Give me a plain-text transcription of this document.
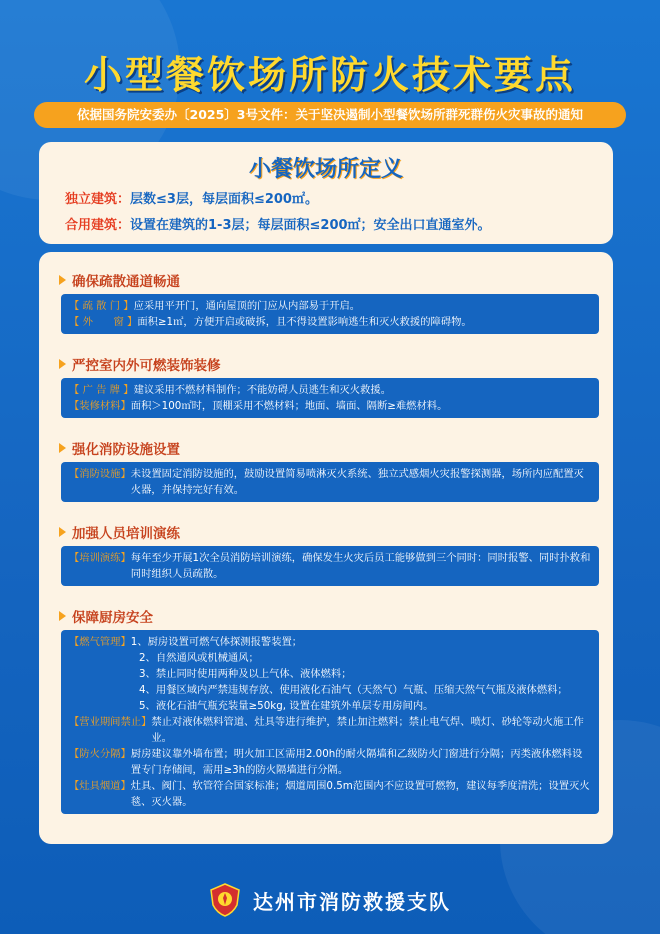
小型餐饮场所防火技术要点
依据国务院安委办〔2025〕3号文件：关于坚决遏制小型餐饮场所群死群伤火灾事故的通知
小餐饮场所定义
独立建筑：层数≤3层，每层面积≤200㎡。
合用建筑：设置在建筑的1-3层；每层面积≤200㎡；安全出口直通室外。
确保疏散通道畅通
【 疏 散 门 】 应采用平开门，通向屋顶的门应从内部易于开启。
【 外　　窗 】 面积≥1㎡，方便开启或破拆，且不得设置影响逃生和灭火救援的障碍物。
严控室内外可燃装饰装修
【 广 告 牌 】 建议采用不燃材料制作；不能妨碍人员逃生和灭火救援。
【装修材料】 面积＞100㎡时，顶棚采用不燃材料；地面、墙面、隔断≥难燃材料。
强化消防设施设置
【消防设施】 未设置固定消防设施的，鼓励设置简易喷淋灭火系统、独立式感烟火灾报警探测器，场所内应配置灭火器，并保持完好有效。
加强人员培训演练
【培训演练】 每年至少开展1次全员消防培训演练，确保发生火灾后员工能够做到三个同时：同时报警、同时扑救和同时组织人员疏散。
保障厨房安全
【燃气管理】 1、厨房设置可燃气体探测报警装置；
2、自然通风或机械通风；
3、禁止同时使用两种及以上气体、液体燃料；
4、用餐区域内严禁违规存放、使用液化石油气（天然气）气瓶、压缩天然气气瓶及液体燃料；
5、液化石油气瓶充装量≥50kg, 设置在建筑外单层专用房间内。
【营业期间禁止】 禁止对液体燃料管道、灶具等进行维护，禁止加注燃料；禁止电气焊、喷灯、砂轮等动火施工作业。
【防火分隔】 厨房建议靠外墙布置；明火加工区需用2.00h的耐火隔墙和乙级防火门窗进行分隔；丙类液体燃料设置专门存储间，需用≥3h的防火隔墙进行分隔。
【灶具烟道】 灶具、阀门、软管符合国家标准；烟道周围0.5m范围内不应设置可燃物，建议每季度清洗；设置灭火毯、灭火器。
达州市消防救援支队
